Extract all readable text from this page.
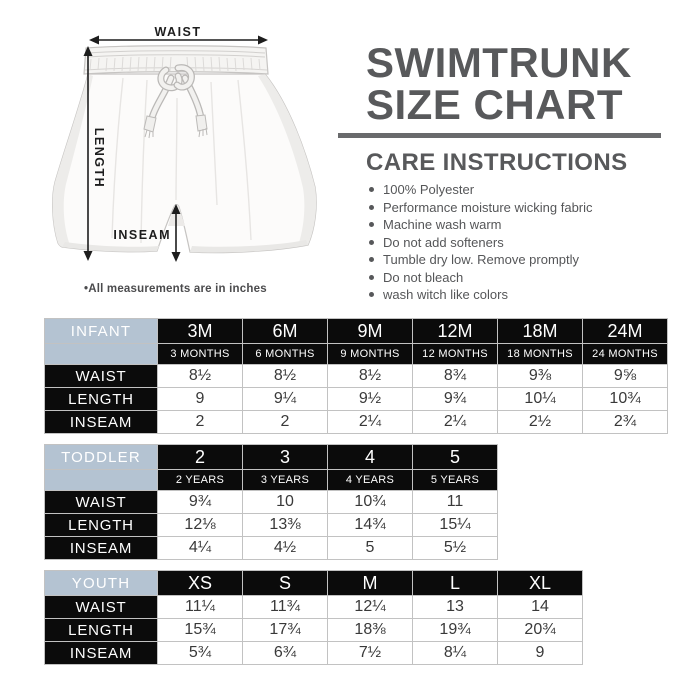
WAIST
LENGTH
INSEAM
•All measurements are in inches
SWIMTRUNK
SIZE CHART
CARE INSTRUCTIONS
100% Polyester
Performance moisture wicking fabric
Machine wash warm
Do not add softeners
Tumble dry low. Remove promptly
Do not bleach
wash witch like colors
INFANT	3M	6M	9M	12M	18M	24M
	3 MONTHS	6 MONTHS	9 MONTHS	12 MONTHS	18 MONTHS	24 MONTHS
WAIST	8½	8½	8½	8¾	9⅜	9⅝
LENGTH	9	9¼	9½	9¾	10¼	10¾
INSEAM	2	2	2¼	2¼	2½	2¾
TODDLER	2	3	4	5
	2 YEARS	3 YEARS	4 YEARS	5 YEARS
WAIST	9¾	10	10¾	11
LENGTH	12⅛	13⅜	14¾	15¼
INSEAM	4¼	4½	5	5½
YOUTH	XS	S	M	L	XL
WAIST	11¼	11¾	12¼	13	14
LENGTH	15¾	17¾	18⅜	19¾	20¾
INSEAM	5¾	6¾	7½	8¼	9
